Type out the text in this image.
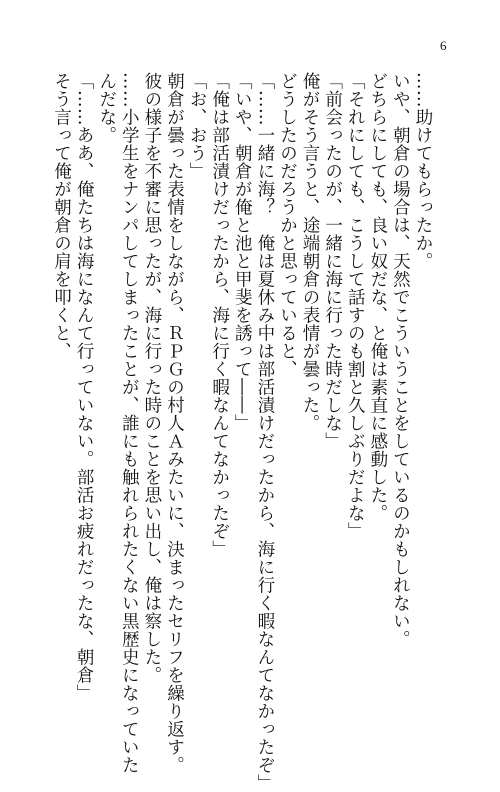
6

……助けてもらったか。

いや、朝倉の場合は、天然でこういうことをしているのかもしれない。

どちらにしても、良い奴だな、と俺は素直に感動した。

「それにしても、こうして話すのも割と久しぶりだよな」

「前会ったのが、一緒に海に行った時だしな」

俺がそう言うと、途端朝倉の表情が曇った。

どうしたのだろうかと思っていると、

「……一緒に海？　俺は夏休み中は部活漬けだったから、海に行く暇なんてなかったぞ」

「いや、朝倉が俺と池と甲斐を誘って――」

「俺は部活漬けだったから、海に行く暇なんてなかったぞ」

「お、おう」

朝倉が曇った表情をしながら、ＲＰＧの村人Ａみたいに、決まったセリフを繰り返す。

彼の様子を不審に思ったが、海に行った時のことを思い出し、俺は察した。

……小学生をナンパしてしまったことが、誰にも触れられたくない黒歴史になっていた

んだな。

「……ああ、俺たちは海になんて行っていない。部活お疲れだったな、朝倉」

そう言って俺が朝倉の肩を叩くと、
